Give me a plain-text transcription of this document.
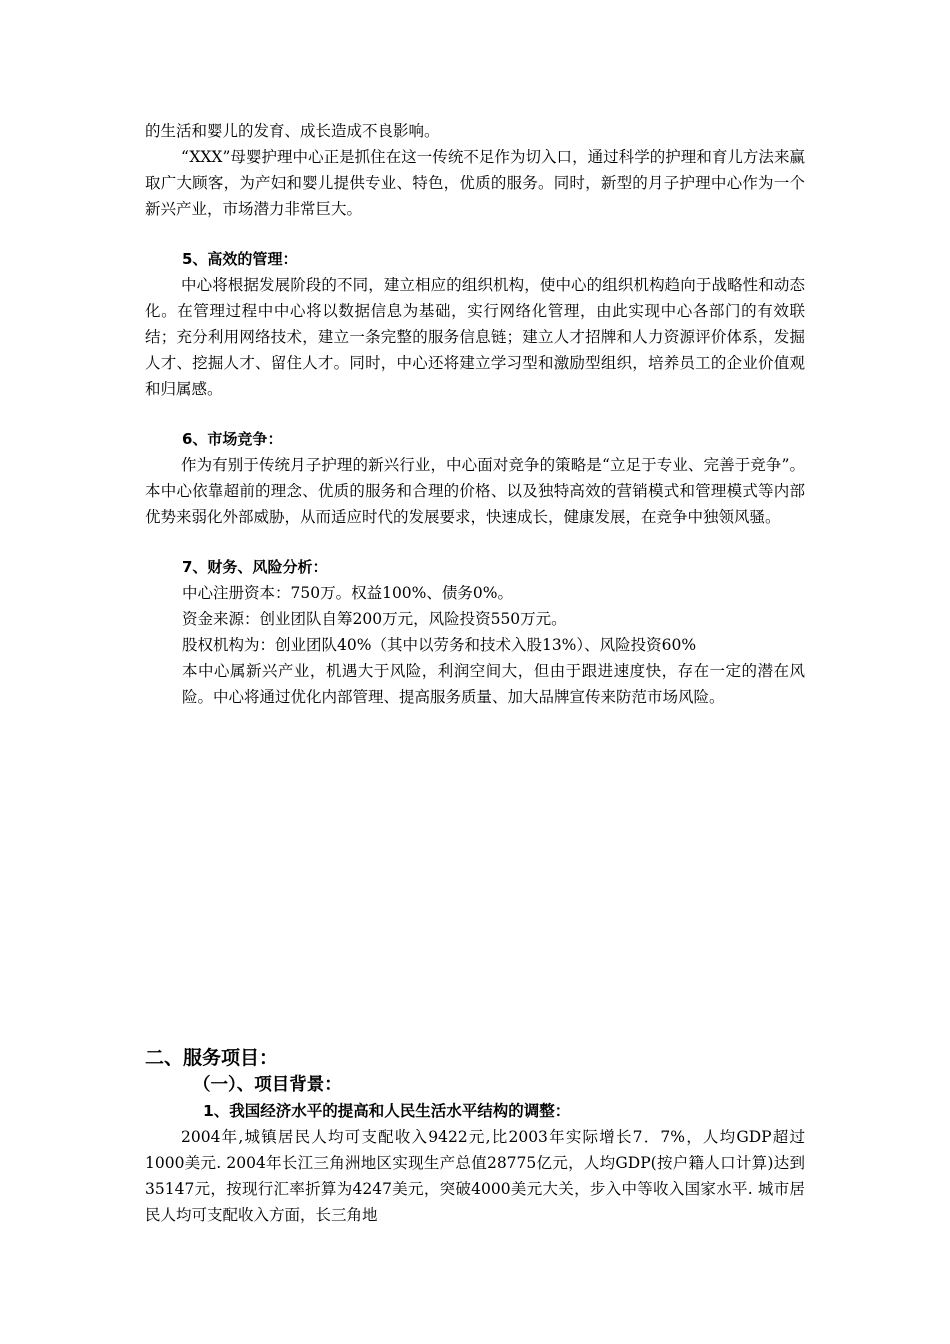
的生活和婴儿的发育、成长造成不良影响。

“XXX”母婴护理中心正是抓住在这一传统不足作为切入口，通过科学的护理和育儿方法来赢取广大顾客，为产妇和婴儿提供专业、特色，优质的服务。同时，新型的月子护理中心作为一个新兴产业，市场潜力非常巨大。

5、高效的管理：

中心将根据发展阶段的不同，建立相应的组织机构，使中心的组织机构趋向于战略性和动态化。在管理过程中中心将以数据信息为基础，实行网络化管理，由此实现中心各部门的有效联结；充分利用网络技术，建立一条完整的服务信息链；建立人才招牌和人力资源评价体系，发掘人才、挖掘人才、留住人才。同时，中心还将建立学习型和激励型组织，培养员工的企业价值观和归属感。

6、市场竞争：

作为有别于传统月子护理的新兴行业，中心面对竞争的策略是“立足于专业、完善于竞争”。本中心依靠超前的理念、优质的服务和合理的价格、以及独特高效的营销模式和管理模式等内部优势来弱化外部威胁，从而适应时代的发展要求，快速成长，健康发展，在竞争中独领风骚。

7、财务、风险分析：

中心注册资本：750万。权益100%、债务0%。

资金来源：创业团队自筹200万元，风险投资550万元。

股权机构为：创业团队40%（其中以劳务和技术入股13%）、风险投资60%

本中心属新兴产业，机遇大于风险，利润空间大，但由于跟进速度快，存在一定的潜在风险。中心将通过优化内部管理、提高服务质量、加大品牌宣传来防范市场风险。

二、服务项目：

（一）、项目背景：

1、我国经济水平的提高和人民生活水平结构的调整：

2004年,城镇居民人均可支配收入9422元,比2003年实际增长7．7%，人均GDP超过1000美元. 2004年长江三角洲地区实现生产总值28775亿元，人均GDP(按户籍人口计算)达到35147元，按现行汇率折算为4247美元，突破4000美元大关，步入中等收入国家水平. 城市居民人均可支配收入方面，长三角地
